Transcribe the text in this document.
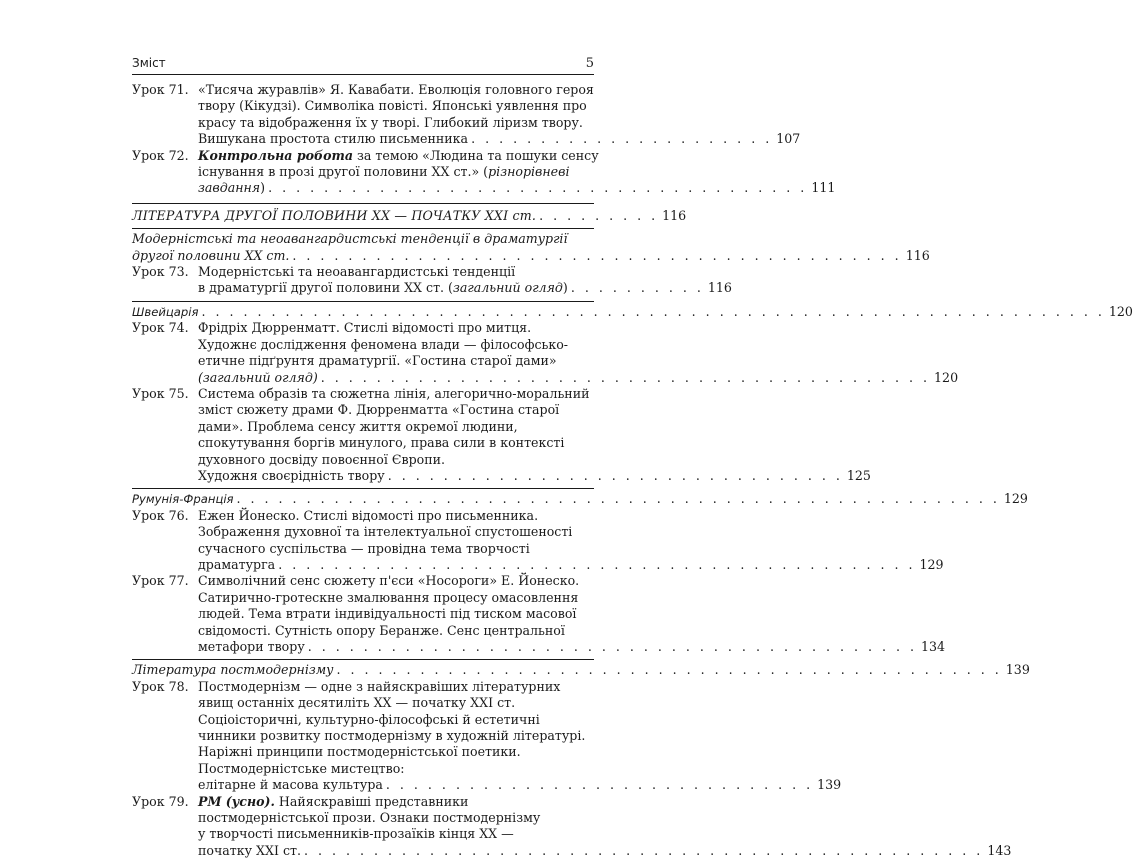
Зміст	5
Урок 71. «Тисяча журавлів» Я. Кавабати. Еволюція головного героя
твору (Кікудзі). Символіка повісті. Японські уявлення про
красу та відображення їх у творі. Глибокий ліризм твору.
Вишукана простота стилю письменника . . . . . . . . . . . . . . . . . . . . . . 107
Урок 72. Контрольна робота за темою «Людина та пошуки сенсу
існування в прозі другої половини XX ст.» (різнорівневі
завдання) . . . . . . . . . . . . . . . . . . . . . . . . . . . . . . . . . . . . . . . 111
ЛІТЕРАТУРА ДРУГОЇ ПОЛОВИНИ XX — ПОЧАТКУ XXI ст. . . . . . . . . . 116
Модерністські та неоавангардистські тенденції в драматургії
другої половини XX ст. . . . . . . . . . . . . . . . . . . . . . . . . . . . . . . . . . . . . . . . . . . . . 116
Урок 73. Модерністські та неоавангардистські тенденції
в драматургії другої половини XX ст. (загальний огляд) . . . . . . . . . . 116
Швейцарія . . . . . . . . . . . . . . . . . . . . . . . . . . . . . . . . . . . . . . . . . . . . . . . . . . . . . . . . . . . . . . . . . 120
Урок 74. Фрідріх Дюрренматт. Стислі відомості про митця.
Художнє дослідження феномена влади — філософсько-
етичне підґрунтя драматургії. «Гостина старої дами»
(загальний огляд) . . . . . . . . . . . . . . . . . . . . . . . . . . . . . . . . . . . . . . . . . . . . 120
Урок 75. Система образів та сюжетна лінія, алегорично-моральний
зміст сюжету драми Ф. Дюрренматта «Гостина старої
дами». Проблема сенсу життя окремої людини,
спокутування боргів минулого, права сили в контексті
духовного досвіду повоєнної Європи.
Художня своєрідність твору . . . . . . . . . . . . . . . . . . . . . . . . . . . . . . . . . 125
Румунія-Франція . . . . . . . . . . . . . . . . . . . . . . . . . . . . . . . . . . . . . . . . . . . . . . . . . . . . . . . 129
Урок 76. Ежен Йонеско. Стислі відомості про письменника.
Зображення духовної та інтелектуальної спустошеності
сучасного суспільства — провідна тема творчості
драматурга . . . . . . . . . . . . . . . . . . . . . . . . . . . . . . . . . . . . . . . . . . . . . . 129
Урок 77. Символічний сенс сюжету п'єси «Носороги» Е. Йонеско.
Сатирично-гротескне змалювання процесу омасовлення
людей. Тема втрати індивідуальності під тиском масової
свідомості. Сутність опору Беранже. Сенс центральної
метафори твору . . . . . . . . . . . . . . . . . . . . . . . . . . . . . . . . . . . . . . . . . . . . 134
Література постмодернізму . . . . . . . . . . . . . . . . . . . . . . . . . . . . . . . . . . . . . . . . . . . . . . . . 139
Урок 78. Постмодернізм — одне з найяскравіших літературних
явищ останніх десятиліть XX — початку XXI ст.
Соціоісторичні, культурно-філософські й естетичні
чинники розвитку постмодернізму в художній літературі.
Наріжні принципи постмодерністської поетики.
Постмодерністське мистецтво:
елітарне й масова культура . . . . . . . . . . . . . . . . . . . . . . . . . . . . . . . 139
Урок 79. РМ (усно). Найяскравіші представники
постмодерністської прози. Ознаки постмодернізму
у творчості письменників-прозаїків кінця XX —
початку XXI ст. . . . . . . . . . . . . . . . . . . . . . . . . . . . . . . . . . . . . . . . . . . . . . . . . . 143
